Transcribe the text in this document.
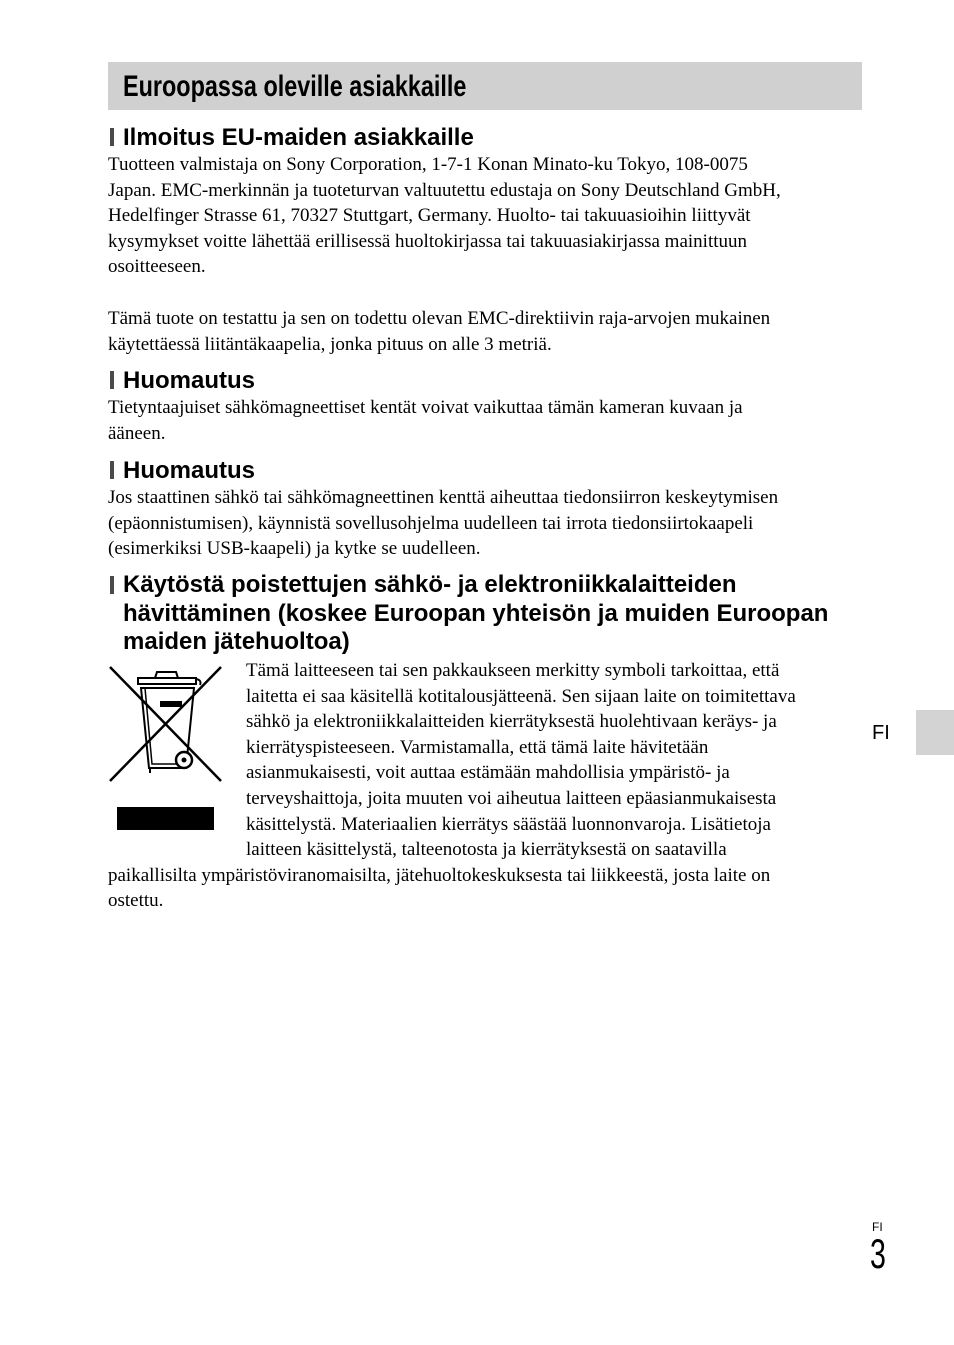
Euroopassa oleville asiakkaille
Ilmoitus EU-maiden asiakkaille
Tuotteen valmistaja on Sony Corporation, 1-7-1 Konan Minato-ku Tokyo, 108-0075
Japan. EMC-merkinnän ja tuoteturvan valtuutettu edustaja on Sony Deutschland GmbH,
Hedelfinger Strasse 61, 70327 Stuttgart, Germany. Huolto- tai takuuasioihin liittyvät
kysymykset voitte lähettää erillisessä huoltokirjassa tai takuuasiakirjassa mainittuun
osoitteeseen.
Tämä tuote on testattu ja sen on todettu olevan EMC-direktiivin raja-arvojen mukainen
käytettäessä liitäntäkaapelia, jonka pituus on alle 3 metriä.
Huomautus
Tietyntaajuiset sähkömagneettiset kentät voivat vaikuttaa tämän kameran kuvaan ja
ääneen.
Huomautus
Jos staattinen sähkö tai sähkömagneettinen kenttä aiheuttaa tiedonsiirron keskeytymisen
(epäonnistumisen), käynnistä sovellusohjelma uudelleen tai irrota tiedonsiirtokaapeli
(esimerkiksi USB-kaapeli) ja kytke se uudelleen.
Käytöstä poistettujen sähkö- ja elektroniikkalaitteiden
hävittäminen (koskee Euroopan yhteisön ja muiden Euroopan
maiden jätehuoltoa)
Tämä laitteeseen tai sen pakkaukseen merkitty symboli tarkoittaa, että
laitetta ei saa käsitellä kotitalousjätteenä. Sen sijaan laite on toimitettava
sähkö ja elektroniikkalaitteiden kierrätyksestä huolehtivaan keräys- ja
kierrätyspisteeseen. Varmistamalla, että tämä laite hävitetään
asianmukaisesti, voit auttaa estämään mahdollisia ympäristö- ja
terveyshaittoja, joita muuten voi aiheutua laitteen epäasianmukaisesta
käsittelystä. Materiaalien kierrätys säästää luonnonvaroja. Lisätietoja
laitteen käsittelystä, talteenotosta ja kierrätyksestä on saatavilla
paikallisilta ympäristöviranomaisilta, jätehuoltokeskuksesta tai liikkeestä, josta laite on
ostettu.
FI
FI
3
